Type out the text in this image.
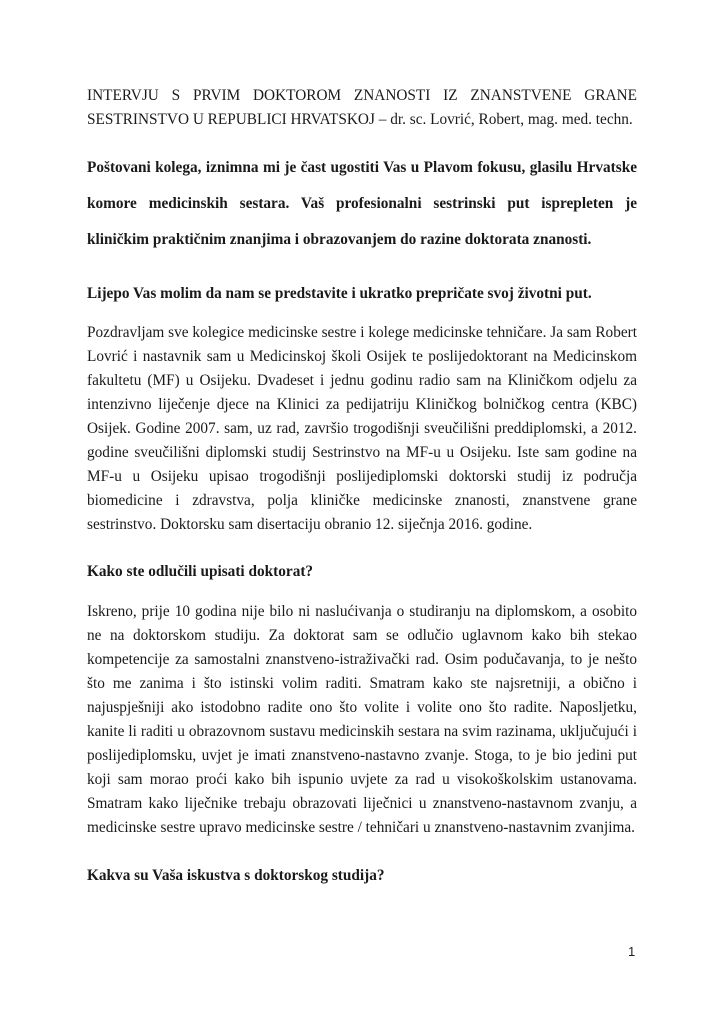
INTERVJU S PRVIM DOKTOROM ZNANOSTI IZ ZNANSTVENE GRANE SESTRINSTVO U REPUBLICI HRVATSKOJ – dr. sc. Lovrić, Robert, mag. med. techn.

Poštovani kolega, iznimna mi je čast ugostiti Vas u Plavom fokusu, glasilu Hrvatske komore medicinskih sestara. Vaš profesionalni sestrinski put isprepleten je kliničkim praktičnim znanjima i obrazovanjem do razine doktorata znanosti.

Lijepo Vas molim da nam se predstavite i ukratko prepričate svoj životni put.

Pozdravljam sve kolegice medicinske sestre i kolege medicinske tehničare. Ja sam Robert Lovrić i nastavnik sam u Medicinskoj školi Osijek te poslijedoktorant na Medicinskom fakultetu (MF) u Osijeku. Dvadeset i jednu godinu radio sam na Kliničkom odjelu za intenzivno liječenje djece na Klinici za pedijatriju Kliničkog bolničkog centra (KBC) Osijek. Godine 2007. sam, uz rad, završio trogodišnji sveučilišni preddiplomski, a 2012. godine sveučilišni diplomski studij Sestrinstvo na MF-u u Osijeku. Iste sam godine na MF-u u Osijeku upisao trogodišnji poslijediplomski doktorski studij iz područja biomedicine i zdravstva, polja kliničke medicinske znanosti, znanstvene grane sestrinstvo. Doktorsku sam disertaciju obranio 12. siječnja 2016. godine.

Kako ste odlučili upisati doktorat?

Iskreno, prije 10 godina nije bilo ni naslućivanja o studiranju na diplomskom, a osobito ne na doktorskom studiju. Za doktorat sam se odlučio uglavnom kako bih stekao kompetencije za samostalni znanstveno-istraživački rad. Osim podučavanja, to je nešto što me zanima i što istinski volim raditi. Smatram kako ste najsretniji, a obično i najuspješniji ako istodobno radite ono što volite i volite ono što radite. Naposljetku, kanite li raditi u obrazovnom sustavu medicinskih sestara na svim razinama, uključujući i poslijediplomsku, uvjet je imati znanstveno-nastavno zvanje. Stoga, to je bio jedini put koji sam morao proći kako bih ispunio uvjete za rad u visokoškolskim ustanovama. Smatram kako liječnike trebaju obrazovati liječnici u znanstveno-nastavnom zvanju, a medicinske sestre upravo medicinske sestre / tehničari u znanstveno-nastavnim zvanjima.

Kakva su Vaša iskustva s doktorskog studija?

1
